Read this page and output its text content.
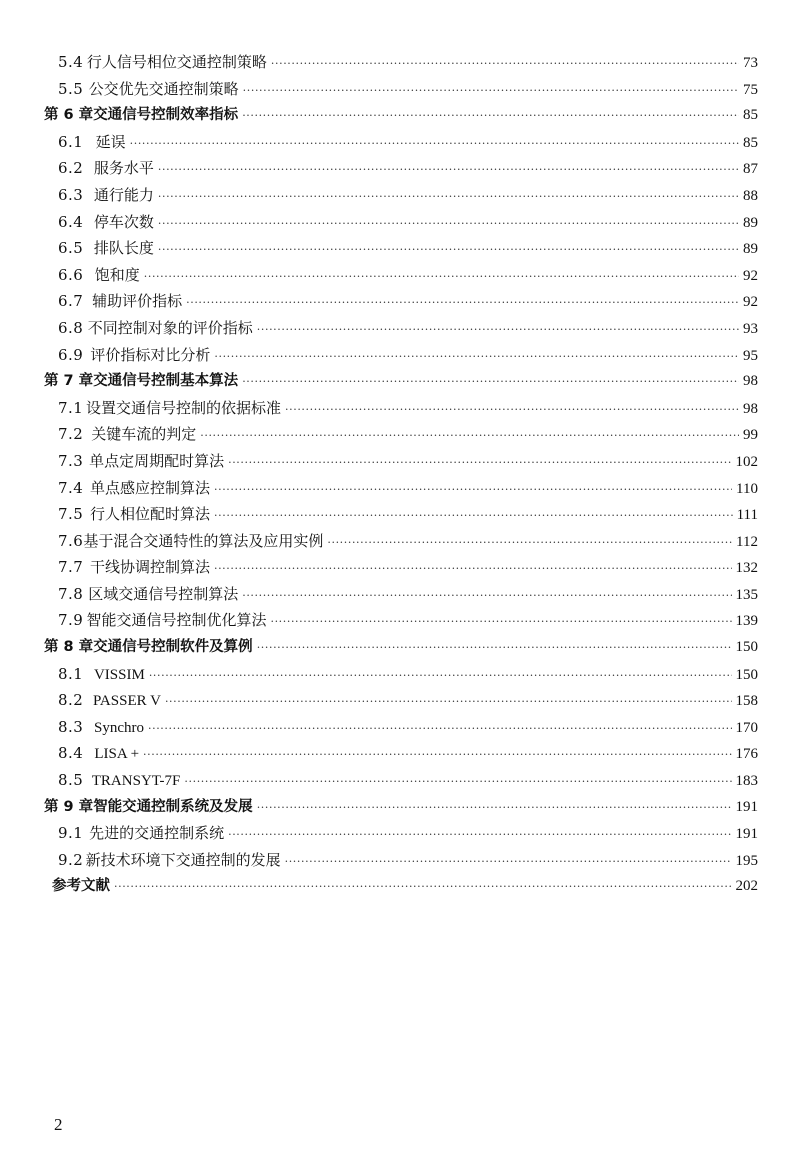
5.4 行人信号相位交通控制策略 ·····	73
5.5 公交优先交通控制策略 ·····	75
第 6 章 交通信号控制效率指标 ·····	85
6.1 延误 ·····	85
6.2 服务水平 ·····	87
6.3 通行能力 ·····	88
6.4 停车次数 ·····	89
6.5 排队长度 ·····	89
6.6 饱和度 ·····	92
6.7 辅助评价指标 ·····	92
6.8 不同控制对象的评价指标 ·····	93
6.9 评价指标对比分析 ·····	95
第 7 章 交通信号控制基本算法 ·····	98
7.1 设置交通信号控制的依据标准 ·····	98
7.2 关键车流的判定 ·····	99
7.3 单点定周期配时算法 ·····	102
7.4 单点感应控制算法 ·····	110
7.5 行人相位配时算法 ·····	111
7.6 基于混合交通特性的算法及应用实例 ·····	112
7.7 干线协调控制算法 ·····	132
7.8 区域交通信号控制算法 ·····	135
7.9 智能交通信号控制优化算法 ·····	139
第 8 章 交通信号控制软件及算例 ·····	150
8.1 VISSIM ·····	150
8.2 PASSER V ·····	158
8.3 Synchro ·····	170
8.4 LISA + ·····	176
8.5 TRANSYT-7F ·····	183
第 9 章 智能交通控制系统及发展 ·····	191
9.1 先进的交通控制系统 ·····	191
9.2 新技术环境下交通控制的发展 ·····	195
参考文献 ·····	202
2
